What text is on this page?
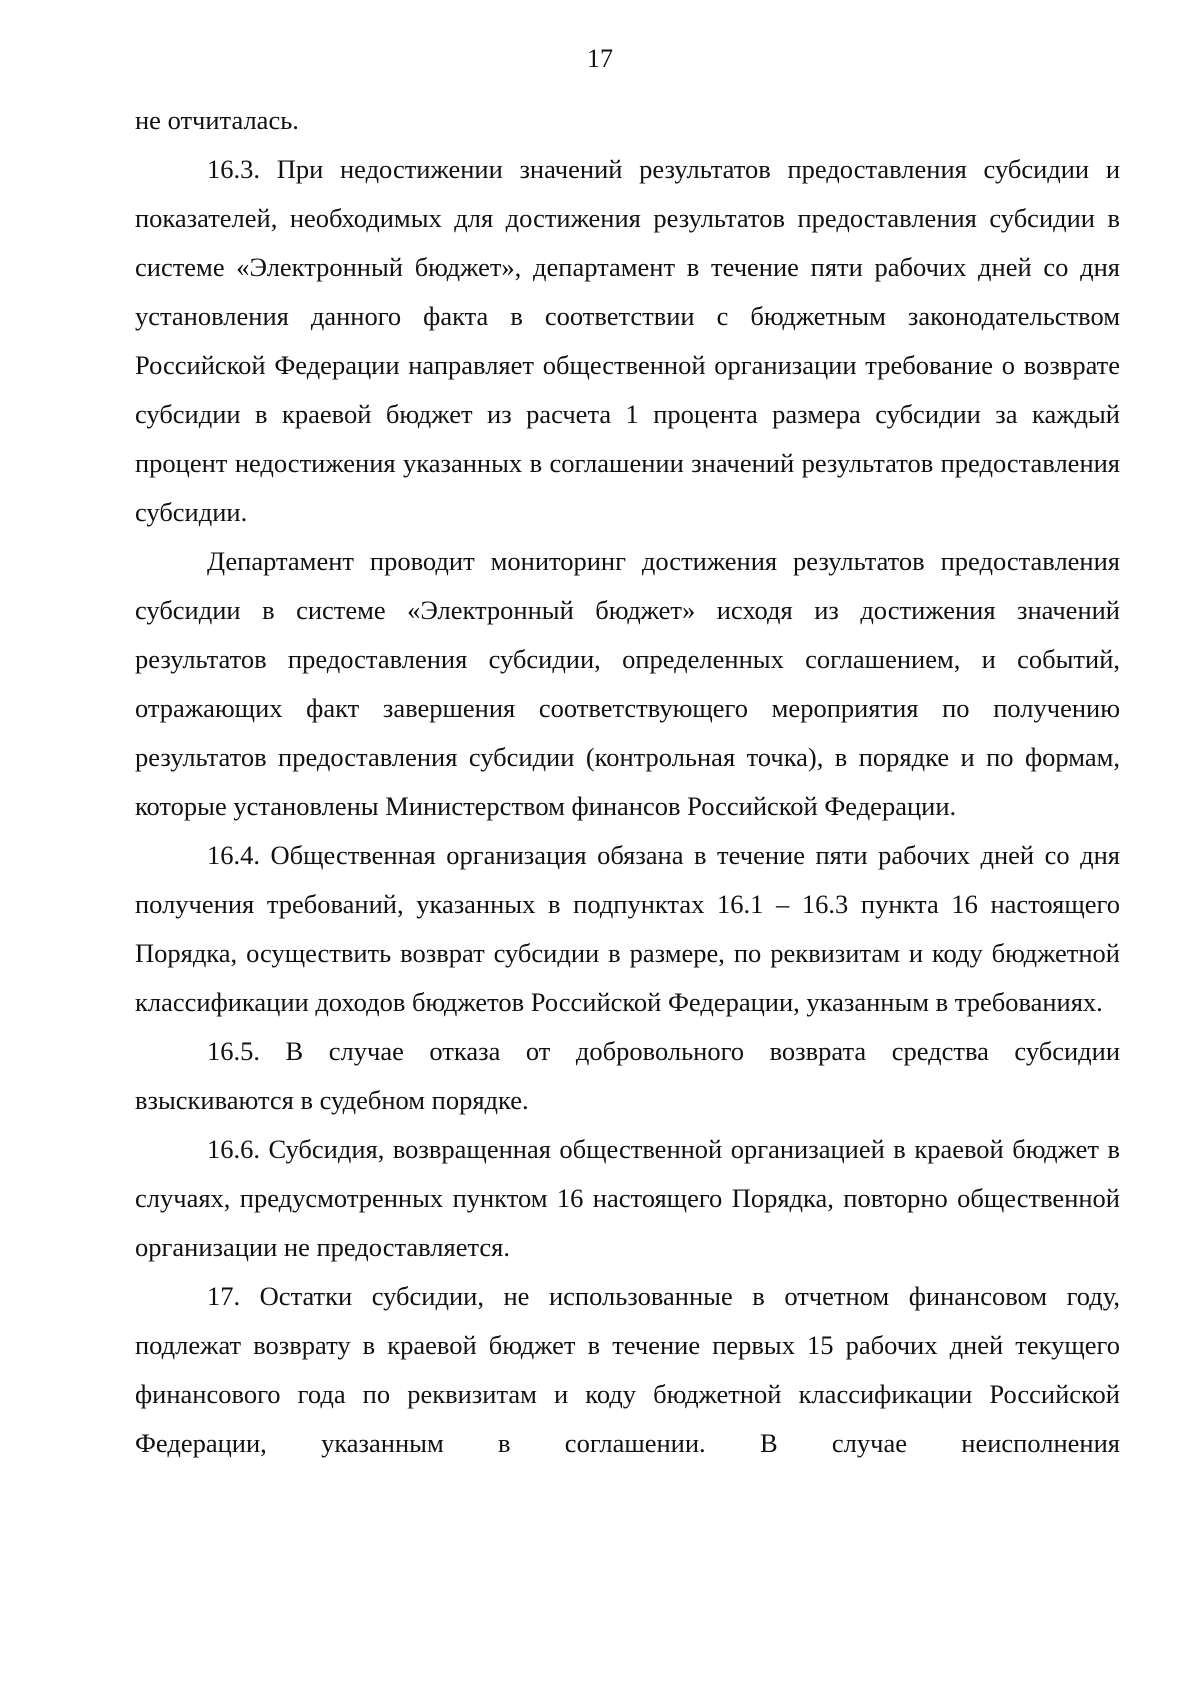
17

не отчиталась.

16.3. При недостижении значений результатов предоставления субсидии и показателей, необходимых для достижения результатов предоставления субсидии в системе «Электронный бюджет», департамент в течение пяти рабочих дней со дня установления данного факта в соответствии с бюджетным законодательством Российской Федерации направляет общественной организации требование о возврате субсидии в краевой бюджет из расчета 1 процента размера субсидии за каждый процент недостижения указанных в соглашении значений результатов предоставления субсидии.

Департамент проводит мониторинг достижения результатов предоставления субсидии в системе «Электронный бюджет» исходя из достижения значений результатов предоставления субсидии, определенных соглашением, и событий, отражающих факт завершения соответствующего мероприятия по получению результатов предоставления субсидии (контрольная точка), в порядке и по формам, которые установлены Министерством финансов Российской Федерации.

16.4. Общественная организация обязана в течение пяти рабочих дней со дня получения требований, указанных в подпунктах 16.1 – 16.3 пункта 16 настоящего Порядка, осуществить возврат субсидии в размере, по реквизитам и коду бюджетной классификации доходов бюджетов Российской Федерации, указанным в требованиях.

16.5. В случае отказа от добровольного возврата средства субсидии взыскиваются в судебном порядке.

16.6. Субсидия, возвращенная общественной организацией в краевой бюджет в случаях, предусмотренных пунктом 16 настоящего Порядка, повторно общественной организации не предоставляется.

17. Остатки субсидии, не использованные в отчетном финансовом году, подлежат возврату в краевой бюджет в течение первых 15 рабочих дней текущего финансового года по реквизитам и коду бюджетной классификации Российской Федерации, указанным в соглашении. В случае неисполнения
